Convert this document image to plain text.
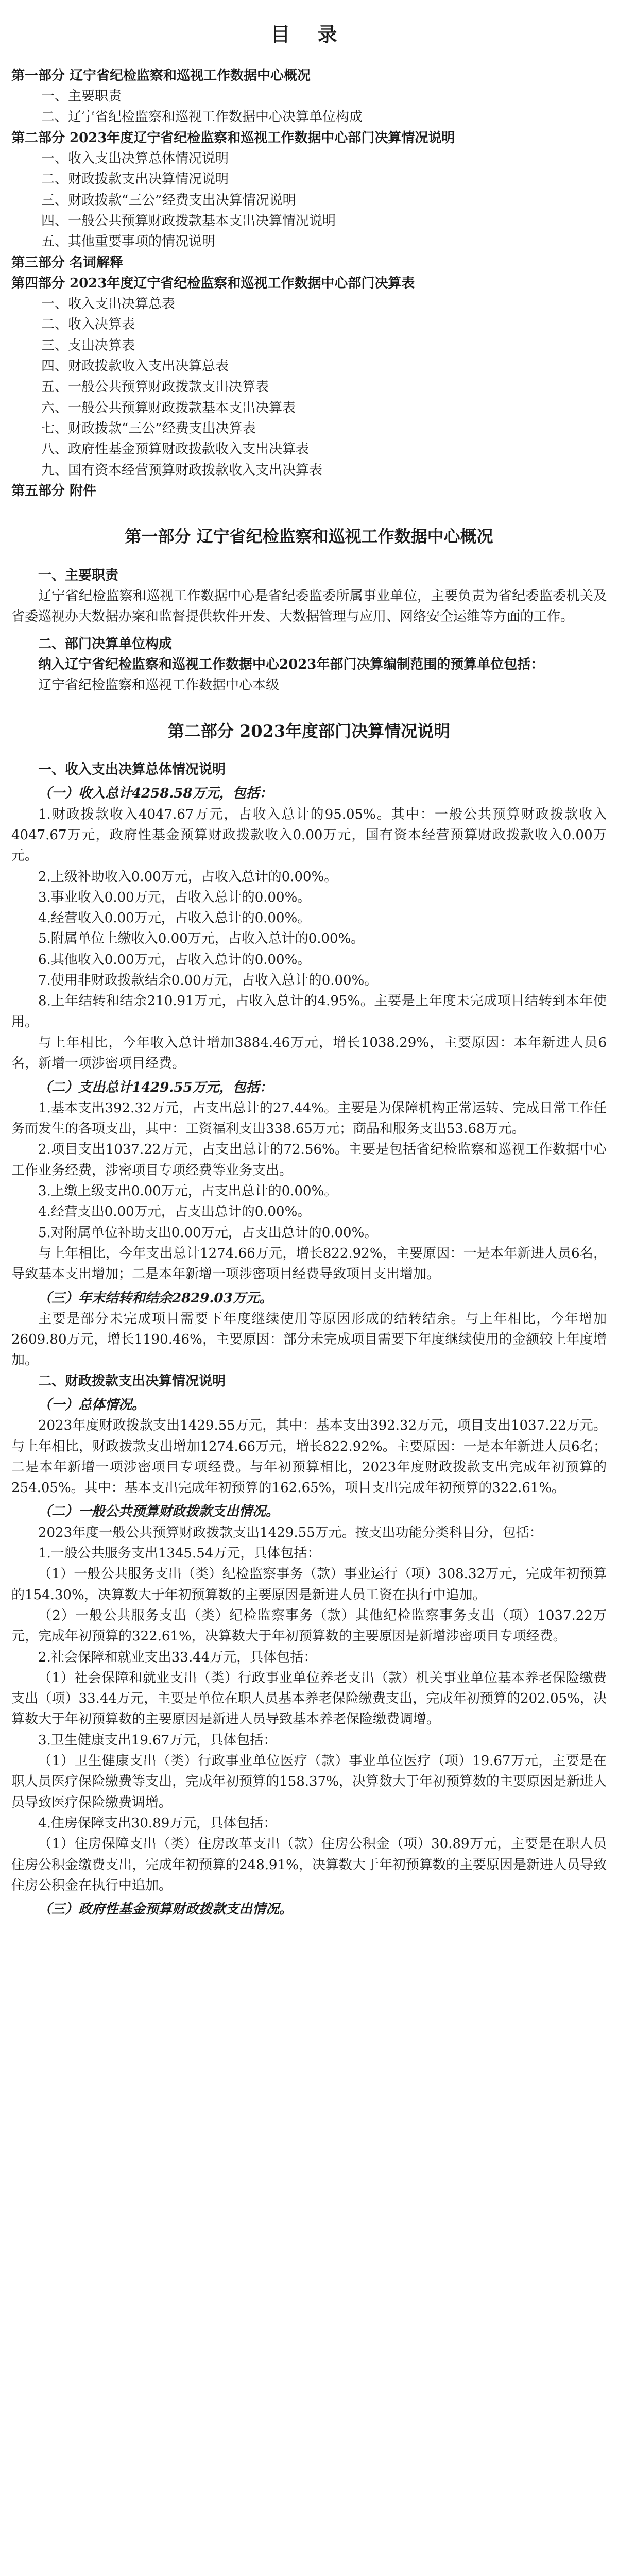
目 录
第一部分 辽宁省纪检监察和巡视工作数据中心概况
一、主要职责
二、辽宁省纪检监察和巡视工作数据中心决算单位构成
第二部分 2023年度辽宁省纪检监察和巡视工作数据中心部门决算情况说明
一、收入支出决算总体情况说明
二、财政拨款支出决算情况说明
三、财政拨款“三公”经费支出决算情况说明
四、一般公共预算财政拨款基本支出决算情况说明
五、其他重要事项的情况说明
第三部分 名词解释
第四部分 2023年度辽宁省纪检监察和巡视工作数据中心部门决算表
一、收入支出决算总表
二、收入决算表
三、支出决算表
四、财政拨款收入支出决算总表
五、一般公共预算财政拨款支出决算表
六、一般公共预算财政拨款基本支出决算表
七、财政拨款“三公”经费支出决算表
八、政府性基金预算财政拨款收入支出决算表
九、国有资本经营预算财政拨款收入支出决算表
第五部分 附件
第一部分 辽宁省纪检监察和巡视工作数据中心概况
一、主要职责
辽宁省纪检监察和巡视工作数据中心是省纪委监委所属事业单位，主要负责为省纪委监委机关及省委巡视办大数据办案和监督提供软件开发、大数据管理与应用、网络安全运维等方面的工作。
二、部门决算单位构成
纳入辽宁省纪检监察和巡视工作数据中心2023年部门决算编制范围的预算单位包括：
辽宁省纪检监察和巡视工作数据中心本级
第二部分 2023年度部门决算情况说明
一、收入支出决算总体情况说明
（一）收入总计4258.58万元，包括：
1.财政拨款收入4047.67万元，占收入总计的95.05%。其中：一般公共预算财政拨款收入4047.67万元，政府性基金预算财政拨款收入0.00万元，国有资本经营预算财政拨款收入0.00万元。
2.上级补助收入0.00万元，占收入总计的0.00%。
3.事业收入0.00万元，占收入总计的0.00%。
4.经营收入0.00万元，占收入总计的0.00%。
5.附属单位上缴收入0.00万元，占收入总计的0.00%。
6.其他收入0.00万元，占收入总计的0.00%。
7.使用非财政拨款结余0.00万元，占收入总计的0.00%。
8.上年结转和结余210.91万元，占收入总计的4.95%。主要是上年度未完成项目结转到本年使用。
与上年相比，今年收入总计增加3884.46万元，增长1038.29%，主要原因：本年新进人员6名，新增一项涉密项目经费。
（二）支出总计1429.55万元，包括：
1.基本支出392.32万元，占支出总计的27.44%。主要是为保障机构正常运转、完成日常工作任务而发生的各项支出，其中：工资福利支出338.65万元；商品和服务支出53.68万元。
2.项目支出1037.22万元，占支出总计的72.56%。主要是包括省纪检监察和巡视工作数据中心工作业务经费，涉密项目专项经费等业务支出。
3.上缴上级支出0.00万元，占支出总计的0.00%。
4.经营支出0.00万元，占支出总计的0.00%。
5.对附属单位补助支出0.00万元，占支出总计的0.00%。
与上年相比，今年支出总计1274.66万元，增长822.92%，主要原因：一是本年新进人员6名，导致基本支出增加；二是本年新增一项涉密项目经费导致项目支出增加。
（三）年末结转和结余2829.03万元。
主要是部分未完成项目需要下年度继续使用等原因形成的结转结余。与上年相比，今年增加2609.80万元，增长1190.46%，主要原因：部分未完成项目需要下年度继续使用的金额较上年度增加。
二、财政拨款支出决算情况说明
（一）总体情况。
2023年度财政拨款支出1429.55万元，其中：基本支出392.32万元，项目支出1037.22万元。与上年相比，财政拨款支出增加1274.66万元，增长822.92%。主要原因：一是本年新进人员6名；二是本年新增一项涉密项目专项经费。与年初预算相比，2023年度财政拨款支出完成年初预算的254.05%。其中：基本支出完成年初预算的162.65%，项目支出完成年初预算的322.61%。
（二）一般公共预算财政拨款支出情况。
2023年度一般公共预算财政拨款支出1429.55万元。按支出功能分类科目分，包括：
1.一般公共服务支出1345.54万元，具体包括：
（1）一般公共服务支出（类）纪检监察事务（款）事业运行（项）308.32万元，完成年初预算的154.30%，决算数大于年初预算数的主要原因是新进人员工资在执行中追加。
（2）一般公共服务支出（类）纪检监察事务（款）其他纪检监察事务支出（项）1037.22万元，完成年初预算的322.61%，决算数大于年初预算数的主要原因是新增涉密项目专项经费。
2.社会保障和就业支出33.44万元，具体包括：
（1）社会保障和就业支出（类）行政事业单位养老支出（款）机关事业单位基本养老保险缴费支出（项）33.44万元，主要是单位在职人员基本养老保险缴费支出，完成年初预算的202.05%，决算数大于年初预算数的主要原因是新进人员导致基本养老保险缴费调增。
3.卫生健康支出19.67万元，具体包括：
（1）卫生健康支出（类）行政事业单位医疗（款）事业单位医疗（项）19.67万元，主要是在职人员医疗保险缴费等支出，完成年初预算的158.37%，决算数大于年初预算数的主要原因是新进人员导致医疗保险缴费调增。
4.住房保障支出30.89万元，具体包括：
（1）住房保障支出（类）住房改革支出（款）住房公积金（项）30.89万元，主要是在职人员住房公积金缴费支出，完成年初预算的248.91%，决算数大于年初预算数的主要原因是新进人员导致住房公积金在执行中追加。
（三）政府性基金预算财政拨款支出情况。
